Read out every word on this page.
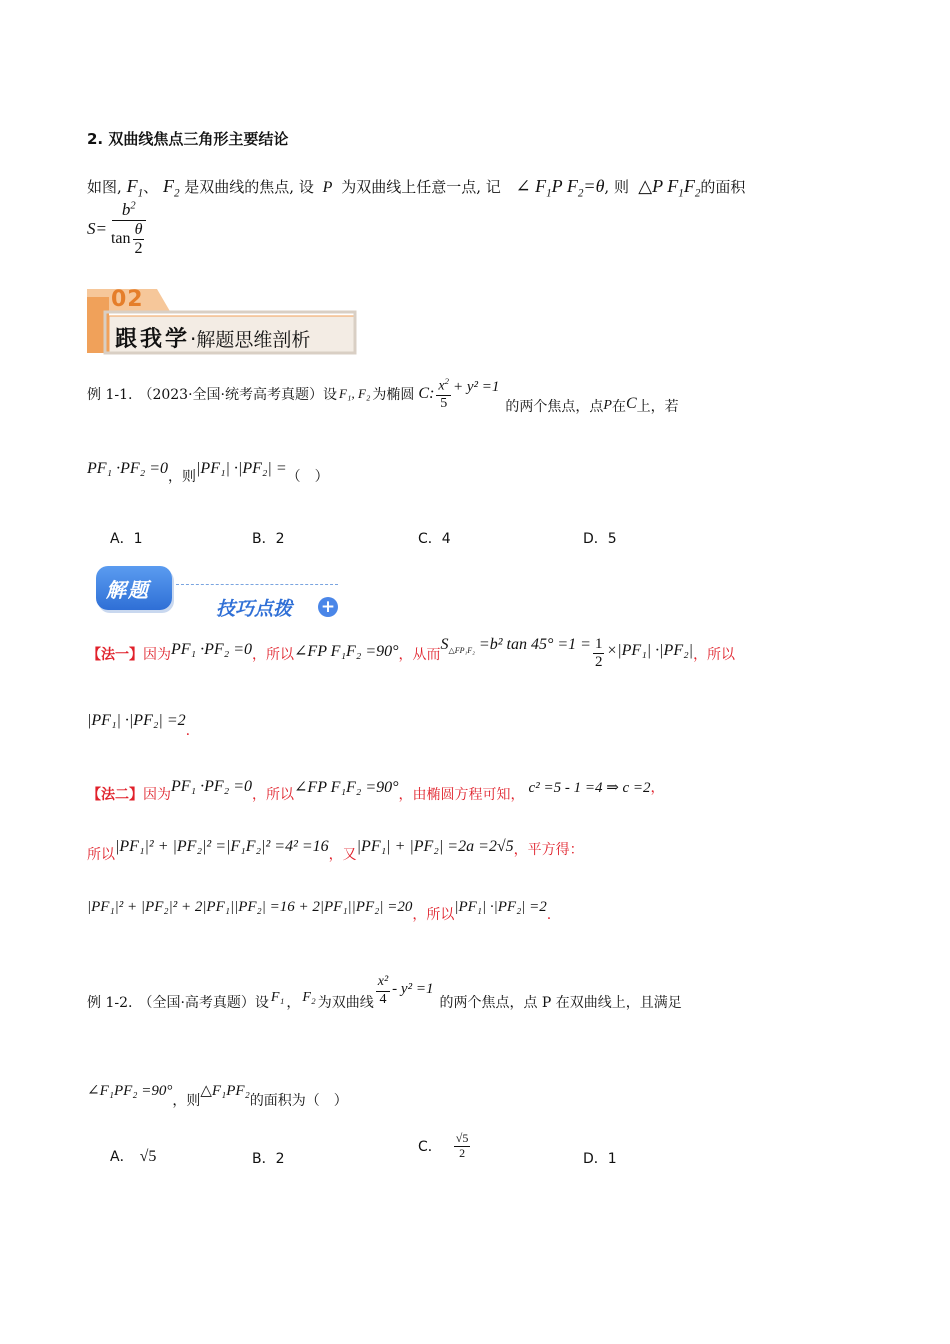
2. 双曲线焦点三角形主要结论
如图, $F_1$、 $F_2$ 是双曲线的焦点, 设  P  为双曲线上任意一点, 记 ∠ $F_1P$ $F_2=\theta$, 则  △P $F_1F_2$的面积
$S= \frac{b^2}{\tan \frac{\theta}{2}}$
02
跟我学·解题思维剖析
例 1-1. （2023·全国·统考高考真题）设 F₁, F₂ 为椭圆 C : $\frac{x^2}{5} + y^2 =1$
的两个焦点，点 P 在 C 上，若
PF₁ ·PF₂ =0，则|PF₁| ·|PF₂| =（　）
A．1	B．2	C．4	D．5
解题
技巧点拨 +
【法一】 因为 PF₁ ·PF₂ =0 ，所以 ∠FP F₁F₂ =90° ，从而
$S_{\triangle FP_1F_2} =b^2$ $\tan 45^\circ =1 = \frac{1}{2} \times|PF_1| \cdot|PF_2|$ ，所以
|PF₁| ·|PF₂| =2.
【法二】 因为 PF₁ ·PF₂ =0 ，所以 ∠FP F₁F₂ =90° ，由椭圆方程可知， c² =5 - 1 =4 ⇒ c =2 ，
所以 |PF₁|² + |PF₂|² =|F₁F₂|² =4² =16 ，又 |PF₁| + |PF₂| =2a =2√5 ，平方得：
|PF₁|² + |PF₂|² + 2|PF₁||PF₂| =16 + 2|PF₁||PF₂| =20
，所以
|PF₁| ·|PF₂| =2
.
例 1-2. （全国·高考真题）设 F₁ ， F₂ 为双曲线 $\frac{\text{x²}}{4} - y^2 =1$
的两个焦点，点 P 在双曲线上，且满足
∠F₁PF₂ =90°
，则
△F₁PF₂
的面积为（　）
A． √5	B．2
C． $\frac{√5}{2}$	D．1
